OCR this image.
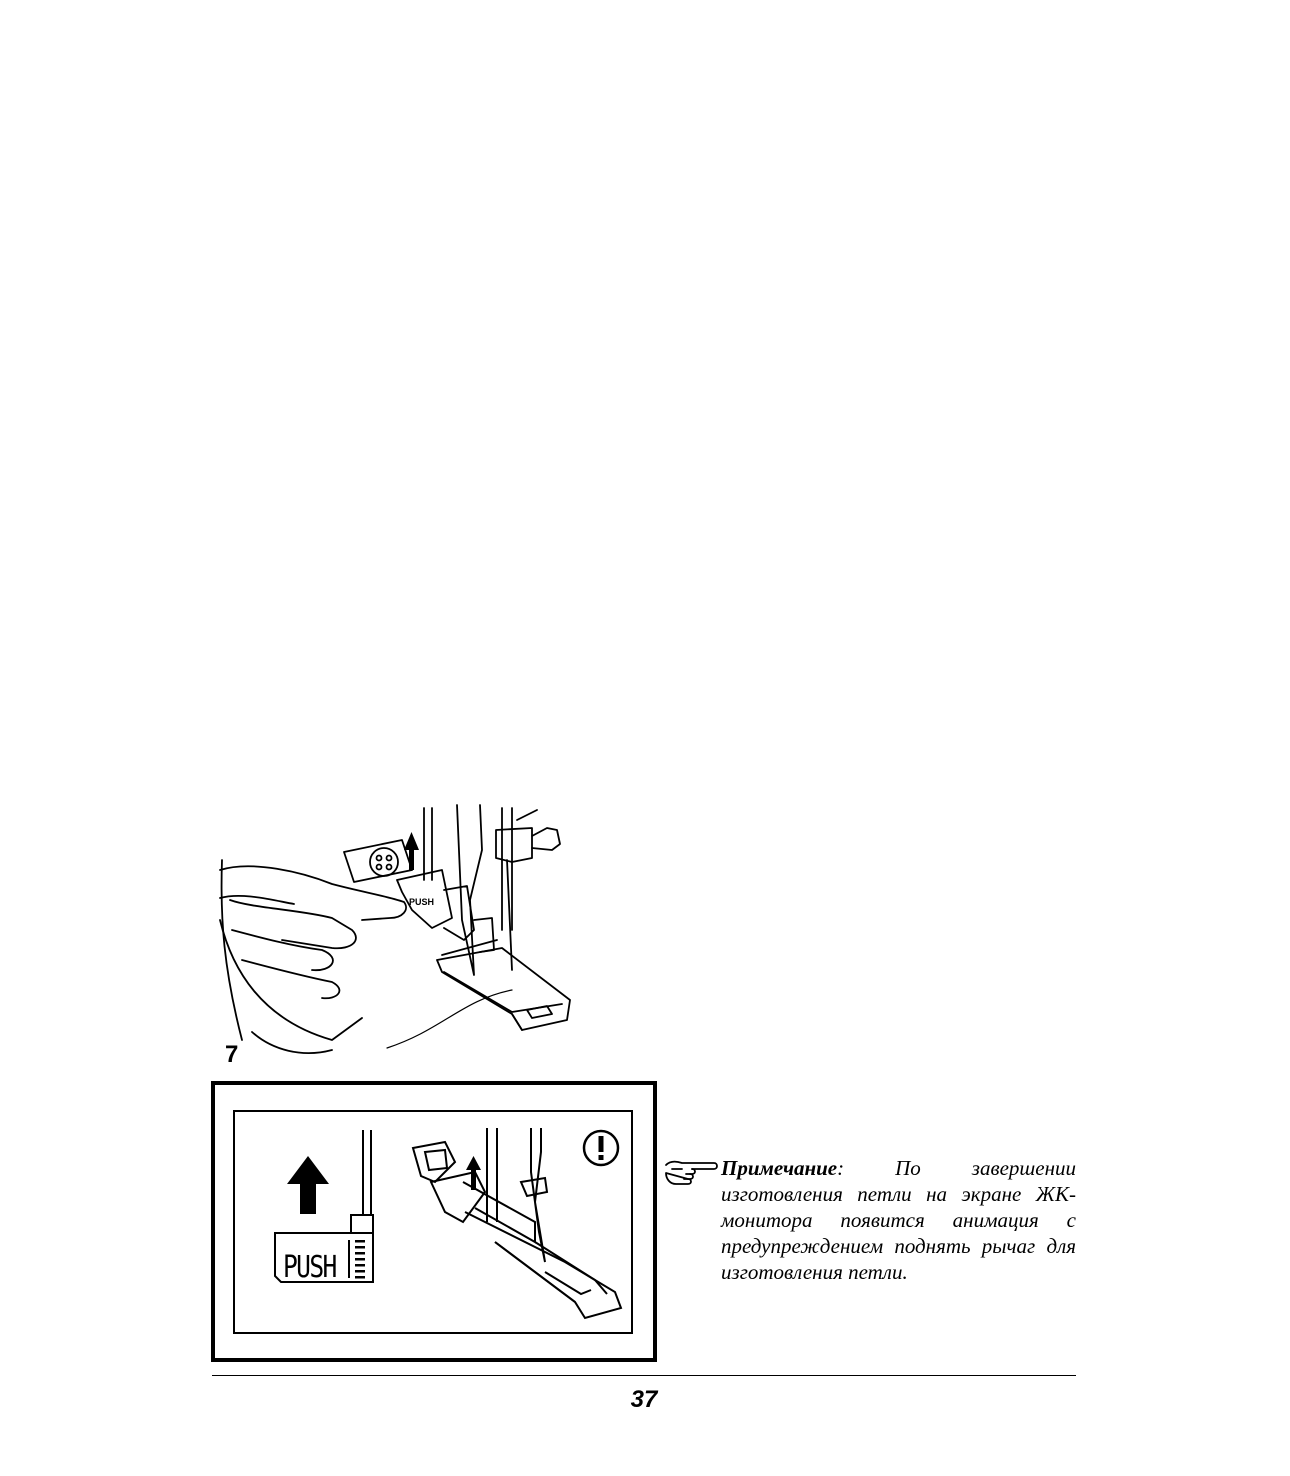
PUSH
7
PUSH
Примечание: По завершении изготовления петли на экране ЖК-монитора появится анимация с предупреждением поднять рычаг для изготовления петли.
37
